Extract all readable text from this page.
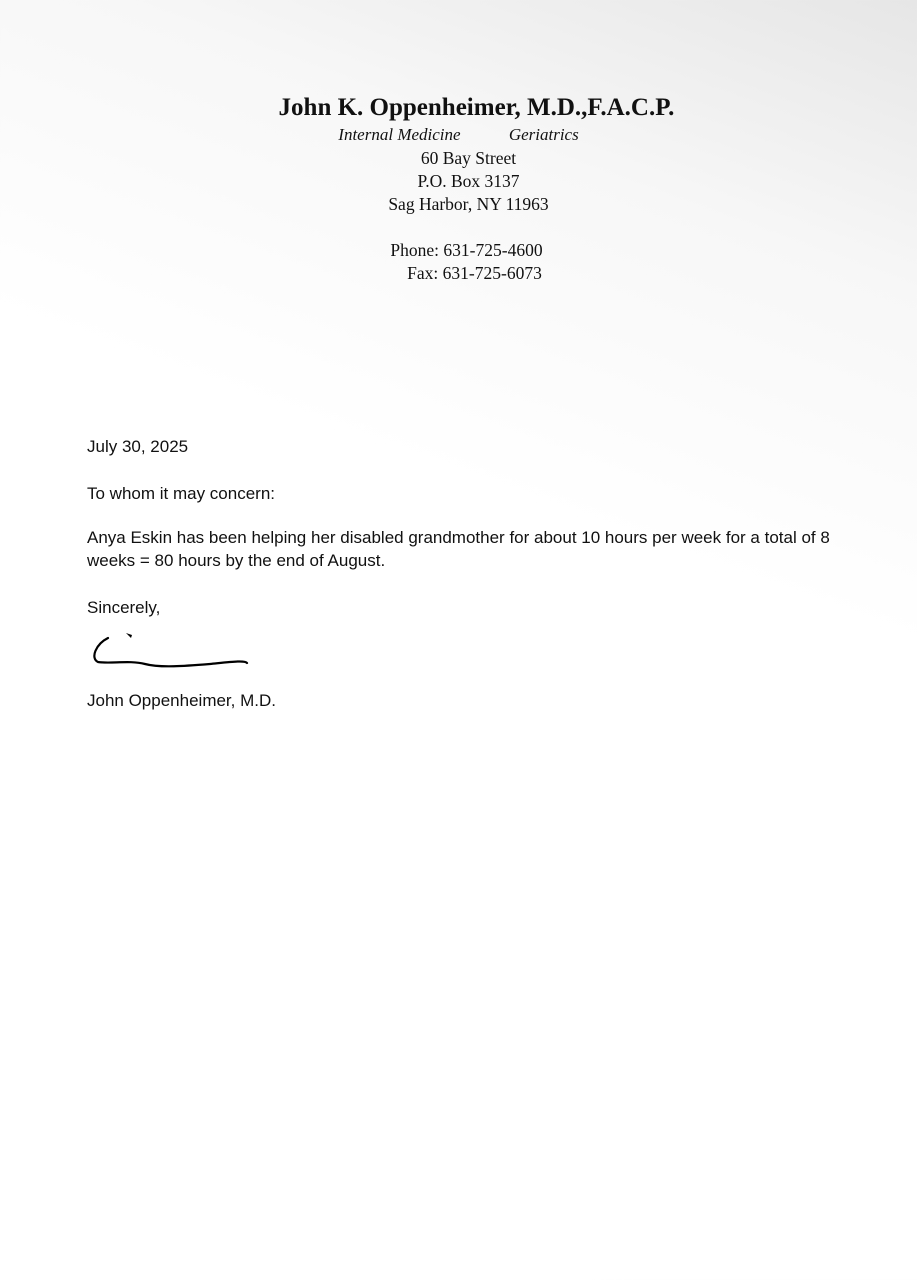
John K. Oppenheimer, M.D.,F.A.C.P.
Internal Medicine	Geriatrics
60 Bay Street
P.O. Box 3137
Sag Harbor, NY 11963
Phone: 631-725-4600
Fax: 631-725-6073
July 30, 2025
To whom it may concern:
Anya Eskin has been helping her disabled grandmother for about 10 hours per week for a total of 8 weeks = 80 hours by the end of August.
Sincerely,
John Oppenheimer, M.D.
